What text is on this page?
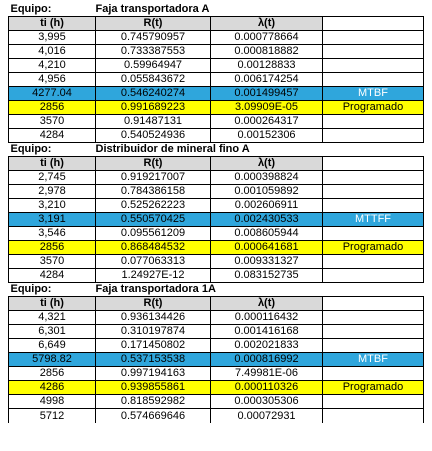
Equipo:	Faja transportadora A		
ti (h)	R(t)	λ(t)	
3,995	0.745790957	0.000778664	
4,016	0.733387553	0.000818882	
4,210	0.59964947	0.00128833	
4,956	0.055843672	0.006174254	
4277.04	0.546240274	0.001499457	MTBF
2856	0.991689223	3.09909E-05	Programado
3570	0.91487131	0.000264317	
4284	0.540524936	0.00152306	
Equipo:	Distribuidor de mineral fino A		
ti (h)	R(t)	λ(t)	
2,745	0.919217007	0.000398824	
2,978	0.784386158	0.001059892	
3,210	0.525262223	0.002606911	
3,191	0.550570425	0.002430533	MTTFF
3,546	0.095561209	0.008605944	
2856	0.868484532	0.000641681	Programado
3570	0.077063313	0.009331327	
4284	1.24927E-12	0.083152735	
Equipo:	Faja transportadora 1A		
ti (h)	R(t)	λ(t)	
4,321	0.936134426	0.000116432	
6,301	0.310197874	0.001416168	
6,649	0.171450802	0.002021833	
5798.82	0.537153538	0.000816992	MTBF
2856	0.997194163	7.49981E-06	
4286	0.939855861	0.000110326	Programado
4998	0.818592982	0.000305306	
5712	0.574669646	0.00072931	
